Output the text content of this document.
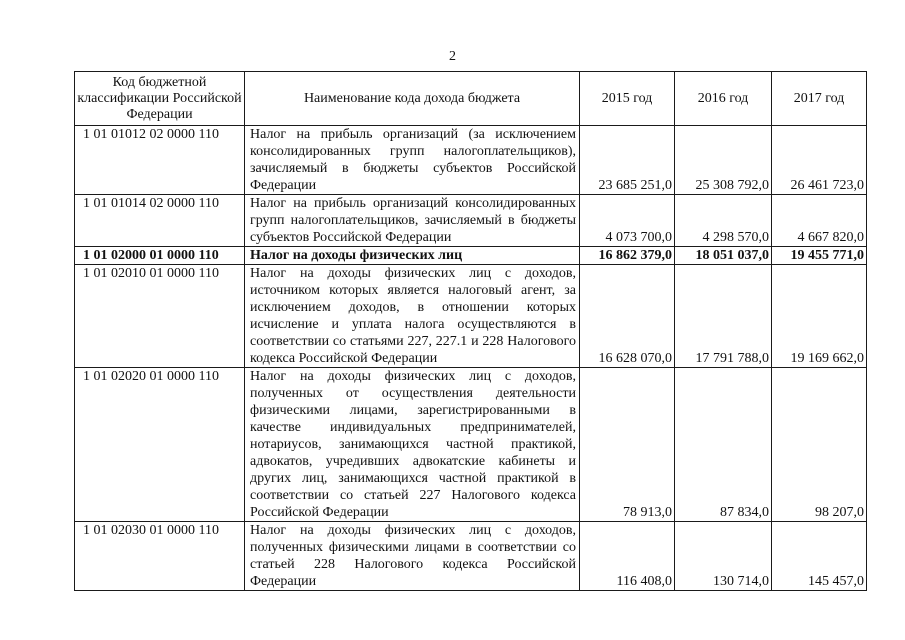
2
Код бюджетной классификации Российской Федерации	Наименование кода дохода бюджета	2015 год	2016 год	2017 год
1 01 01012 02 0000 110	Налог на прибыль организаций (за исключением консолидированных групп налогоплательщиков), зачисляемый в бюджеты субъектов Российской Федерации	23 685 251,0	25 308 792,0	26 461 723,0
1 01 01014 02 0000 110	Налог на прибыль организаций консолидированных групп налогоплательщиков, зачисляемый в бюджеты субъектов Российской Федерации	4 073 700,0	4 298 570,0	4 667 820,0
1 01 02000 01 0000 110	Налог на доходы физических лиц	16 862 379,0	18 051 037,0	19 455 771,0
1 01 02010 01 0000 110	Налог на доходы физических лиц с доходов, источником которых является налоговый агент, за исключением доходов, в отношении которых исчисление и уплата налога осуществляются в соответствии со статьями 227, 227.1 и 228 Налогового кодекса Российской Федерации	16 628 070,0	17 791 788,0	19 169 662,0
1 01 02020 01 0000 110	Налог на доходы физических лиц с доходов, полученных от осуществления деятельности физическими лицами, зарегистрированными в качестве индивидуальных предпринимателей, нотариусов, занимающихся частной практикой, адвокатов, учредивших адвокатские кабинеты и других лиц, занимающихся частной практикой в соответствии со статьей 227 Налогового кодекса Российской Федерации	78 913,0	87 834,0	98 207,0
1 01 02030 01 0000 110	Налог на доходы физических лиц с доходов, полученных физическими лицами в соответствии со статьей 228 Налогового кодекса Российской Федерации	116 408,0	130 714,0	145 457,0
